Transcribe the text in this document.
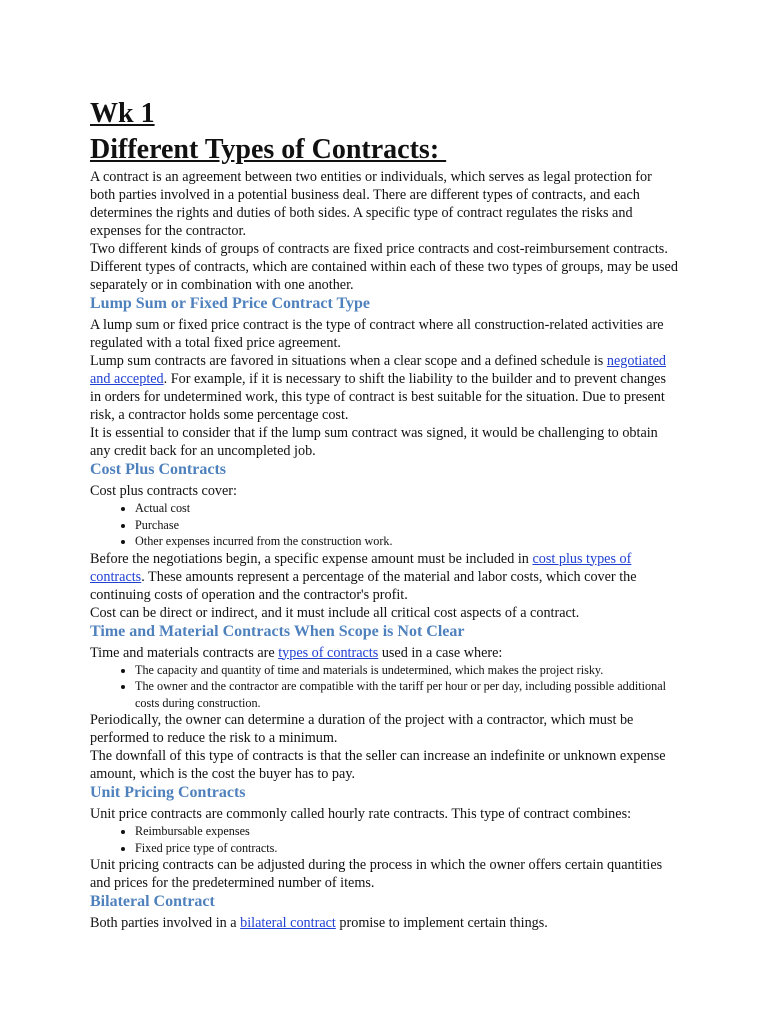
Wk 1
Different Types of Contracts:

A contract is an agreement between two entities or individuals, which serves as legal protection for both parties involved in a potential business deal. There are different types of contracts, and each determines the rights and duties of both sides. A specific type of contract regulates the risks and expenses for the contractor.

Two different kinds of groups of contracts are fixed price contracts and cost-reimbursement contracts. Different types of contracts, which are contained within each of these two types of groups, may be used separately or in combination with one another.

Lump Sum or Fixed Price Contract Type

A lump sum or fixed price contract is the type of contract where all construction-related activities are regulated with a total fixed price agreement.

Lump sum contracts are favored in situations when a clear scope and a defined schedule is negotiated and accepted. For example, if it is necessary to shift the liability to the builder and to prevent changes in orders for undetermined work, this type of contract is best suitable for the situation. Due to present risk, a contractor holds some percentage cost.

It is essential to consider that if the lump sum contract was signed, it would be challenging to obtain any credit back for an uncompleted job.

Cost Plus Contracts

Cost plus contracts cover:

• Actual cost
• Purchase
• Other expenses incurred from the construction work.

Before the negotiations begin, a specific expense amount must be included in cost plus types of contracts. These amounts represent a percentage of the material and labor costs, which cover the continuing costs of operation and the contractor's profit.

Cost can be direct or indirect, and it must include all critical cost aspects of a contract.

Time and Material Contracts When Scope is Not Clear

Time and materials contracts are types of contracts used in a case where:

• The capacity and quantity of time and materials is undetermined, which makes the project risky.
• The owner and the contractor are compatible with the tariff per hour or per day, including possible additional costs during construction.

Periodically, the owner can determine a duration of the project with a contractor, which must be performed to reduce the risk to a minimum.

The downfall of this type of contracts is that the seller can increase an indefinite or unknown expense amount, which is the cost the buyer has to pay.

Unit Pricing Contracts

Unit price contracts are commonly called hourly rate contracts. This type of contract combines:

• Reimbursable expenses
• Fixed price type of contracts.

Unit pricing contracts can be adjusted during the process in which the owner offers certain quantities and prices for the predetermined number of items.

Bilateral Contract

Both parties involved in a bilateral contract promise to implement certain things.
